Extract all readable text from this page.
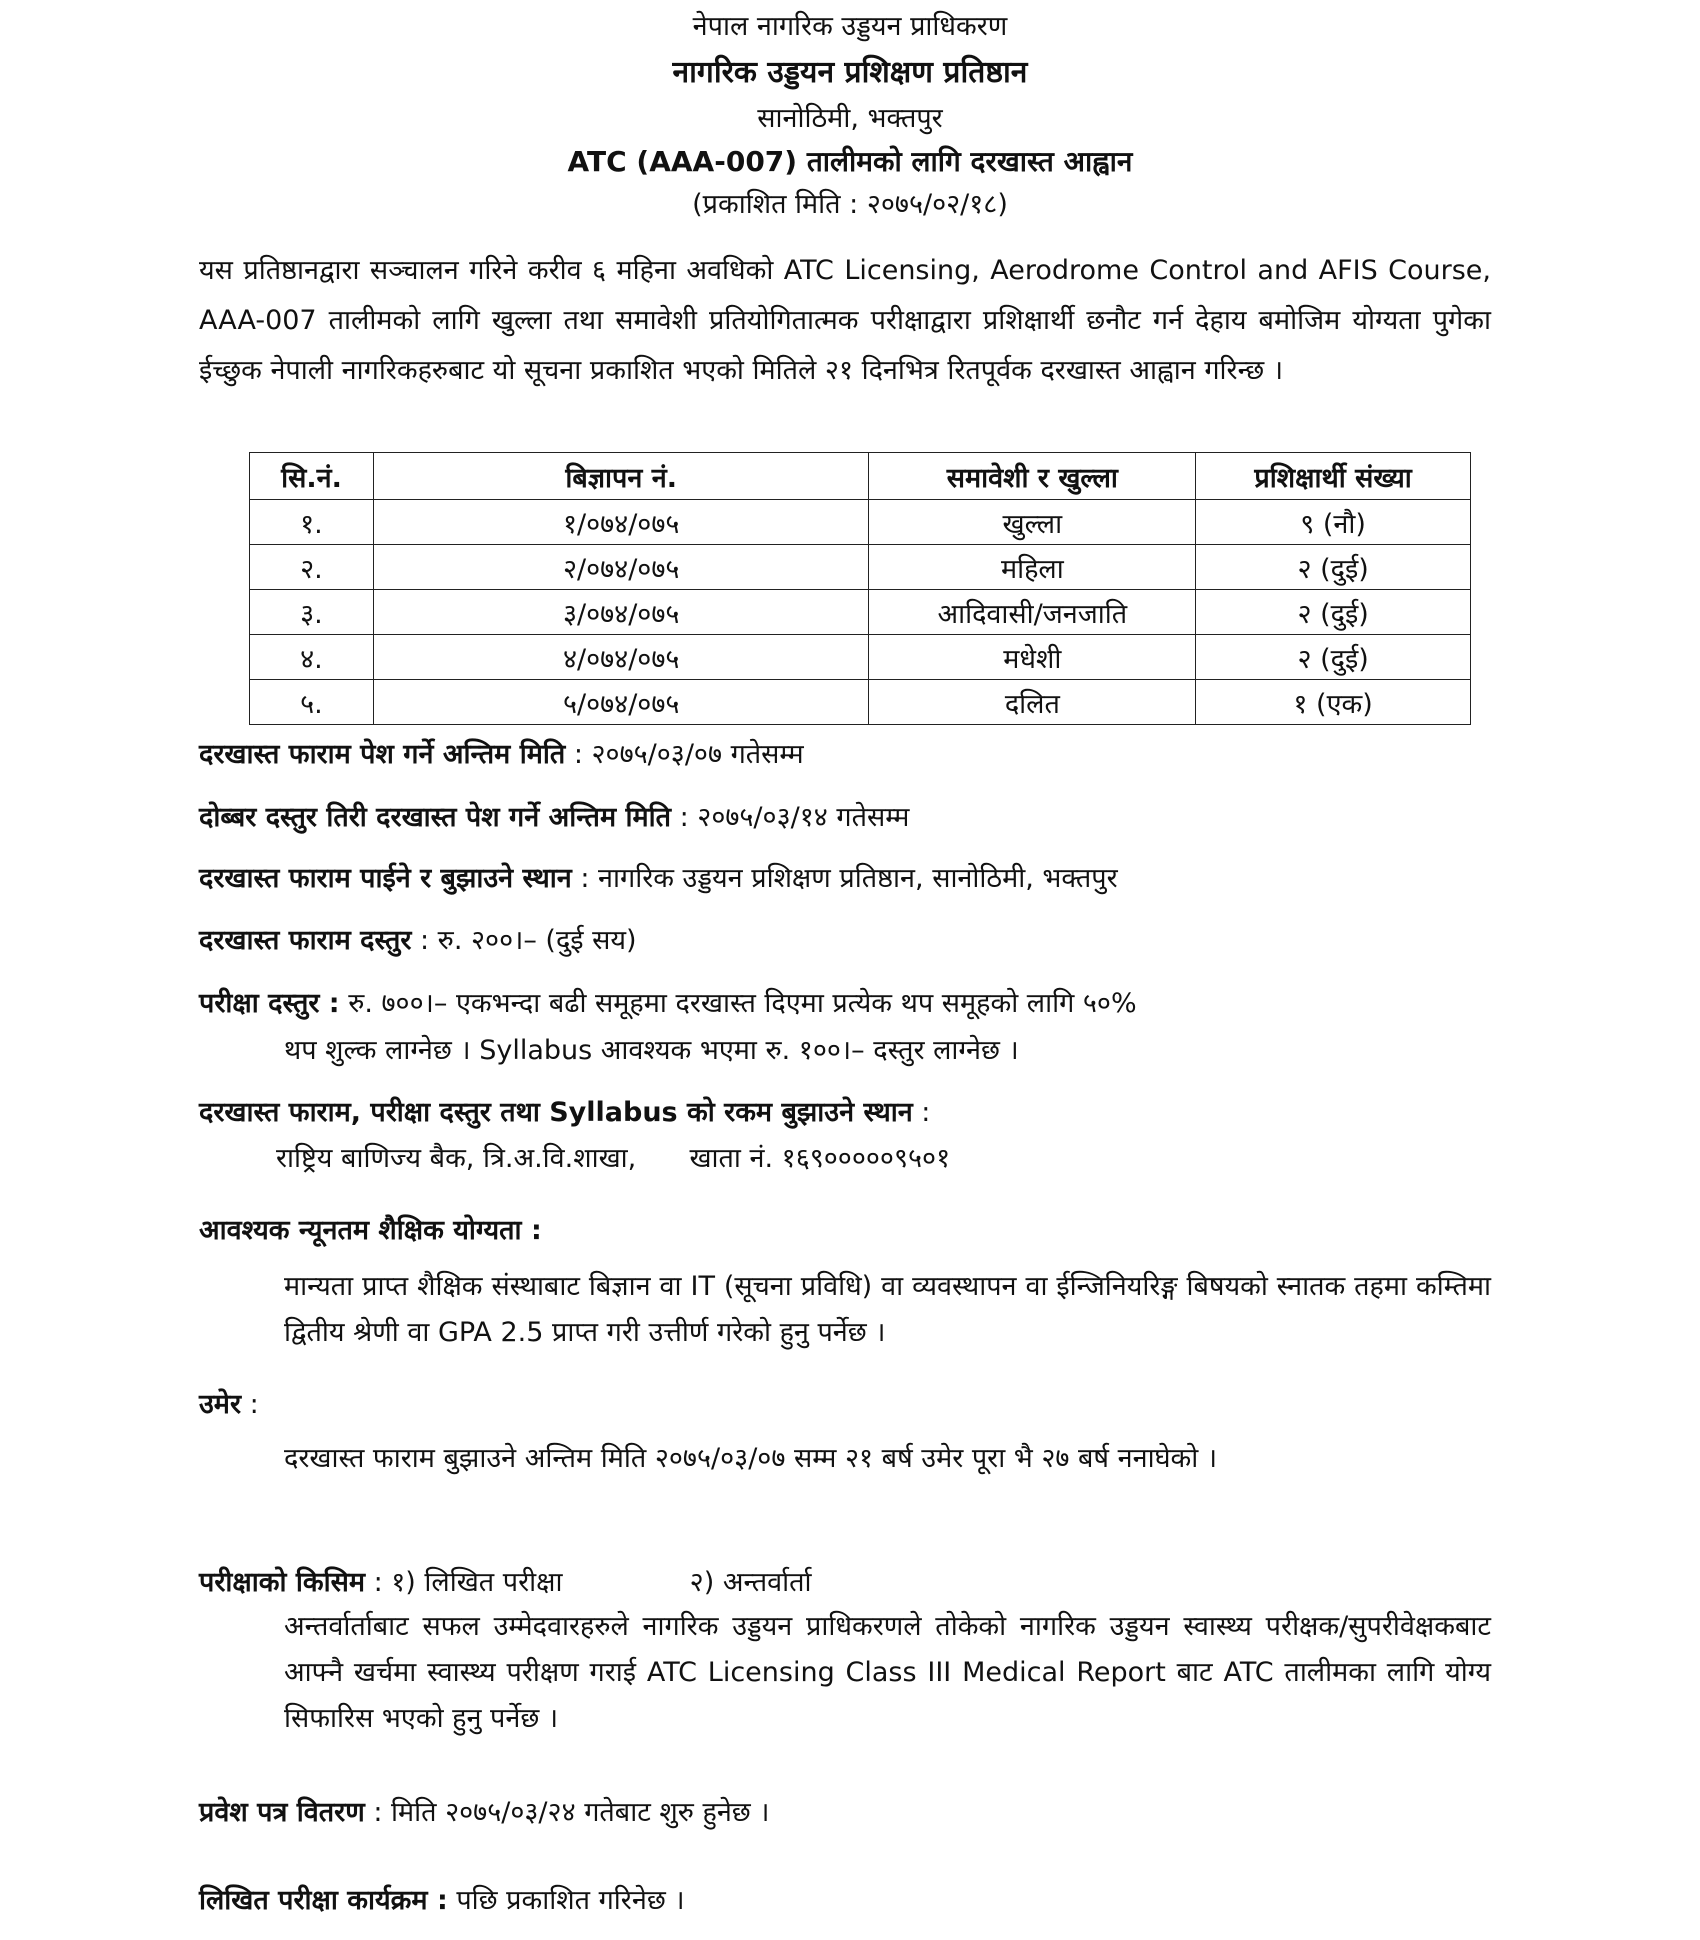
नेपाल नागरिक उड्डयन प्राधिकरण
नागरिक उड्डयन प्रशिक्षण प्रतिष्ठान
सानोठिमी, भक्तपुर
ATC (AAA-007) तालीमको लागि दरखास्त आह्वान
(प्रकाशित मिति : २०७५/०२/१८)

यस प्रतिष्ठानद्वारा सञ्चालन गरिने करीव ६ महिना अवधिको ATC Licensing, Aerodrome Control and AFIS Course, AAA-007 तालीमको लागि खुल्ला तथा समावेशी प्रतियोगितात्मक परीक्षाद्वारा प्रशिक्षार्थी छनौट गर्न देहाय बमोजिम योग्यता पुगेका ईच्छुक नेपाली नागरिकहरुबाट यो सूचना प्रकाशित भएको मितिले २१ दिनभित्र रितपूर्वक दरखास्त आह्वान गरिन्छ ।

सि.नं.	बिज्ञापन नं.	समावेशी र खुल्ला	प्रशिक्षार्थी संख्या
१.	१/०७४/०७५	खुल्ला	९ (नौ)
२.	२/०७४/०७५	महिला	२ (दुई)
३.	३/०७४/०७५	आदिवासी/जनजाति	२ (दुई)
४.	४/०७४/०७५	मधेशी	२ (दुई)
५.	५/०७४/०७५	दलित	१ (एक)
दरखास्त फाराम पेश गर्ने अन्तिम मिति : २०७५/०३/०७ गतेसम्म
दोब्बर दस्तुर तिरी दरखास्त पेश गर्ने अन्तिम मिति : २०७५/०३/१४ गतेसम्म
दरखास्त फाराम पाईने र बुझाउने स्थान : नागरिक उड्डयन प्रशिक्षण प्रतिष्ठान, सानोठिमी, भक्तपुर
दरखास्त फाराम दस्तुर : रु. २००।– (दुई सय)
परीक्षा दस्तुर : रु. ७००।– एकभन्दा बढी समूहमा दरखास्त दिएमा प्रत्येक थप समूहको लागि ५०%
थप शुल्क लाग्नेछ । Syllabus आवश्यक भएमा रु. १००।– दस्तुर लाग्नेछ ।
दरखास्त फाराम, परीक्षा दस्तुर तथा Syllabus को रकम बुझाउने स्थान :
राष्ट्रिय बाणिज्य बैक, त्रि.अ.वि.शाखा, खाता नं. १६९०००००९५०१
आवश्यक न्यूनतम शैक्षिक योग्यता :

मान्यता प्राप्त शैक्षिक संस्थाबाट बिज्ञान वा IT (सूचना प्रविधि) वा व्यवस्थापन वा ईन्जिनियरिङ्ग बिषयको स्नातक तहमा कम्तिमा द्वितीय श्रेणी वा GPA 2.5 प्राप्त गरी उत्तीर्ण गरेको हुनु पर्नेछ ।

उमेर :

दरखास्त फाराम बुझाउने अन्तिम मिति २०७५/०३/०७ सम्म २१ बर्ष उमेर पूरा भै २७ बर्ष ननाघेको ।

परीक्षाको किसिम : १) लिखित परीक्षा	२) अन्तर्वार्ता

अन्तर्वार्ताबाट सफल उम्मेदवारहरुले नागरिक उड्डयन प्राधिकरणले तोकेको नागरिक उड्डयन स्वास्थ्य परीक्षक/सुपरीवेक्षकबाट आफ्नै खर्चमा स्वास्थ्य परीक्षण गराई ATC Licensing Class III Medical Report बाट ATC तालीमका लागि योग्य सिफारिस भएको हुनु पर्नेछ ।

प्रवेश पत्र वितरण : मिति २०७५/०३/२४ गतेबाट शुरु हुनेछ ।
लिखित परीक्षा कार्यक्रम : पछि प्रकाशित गरिनेछ ।
